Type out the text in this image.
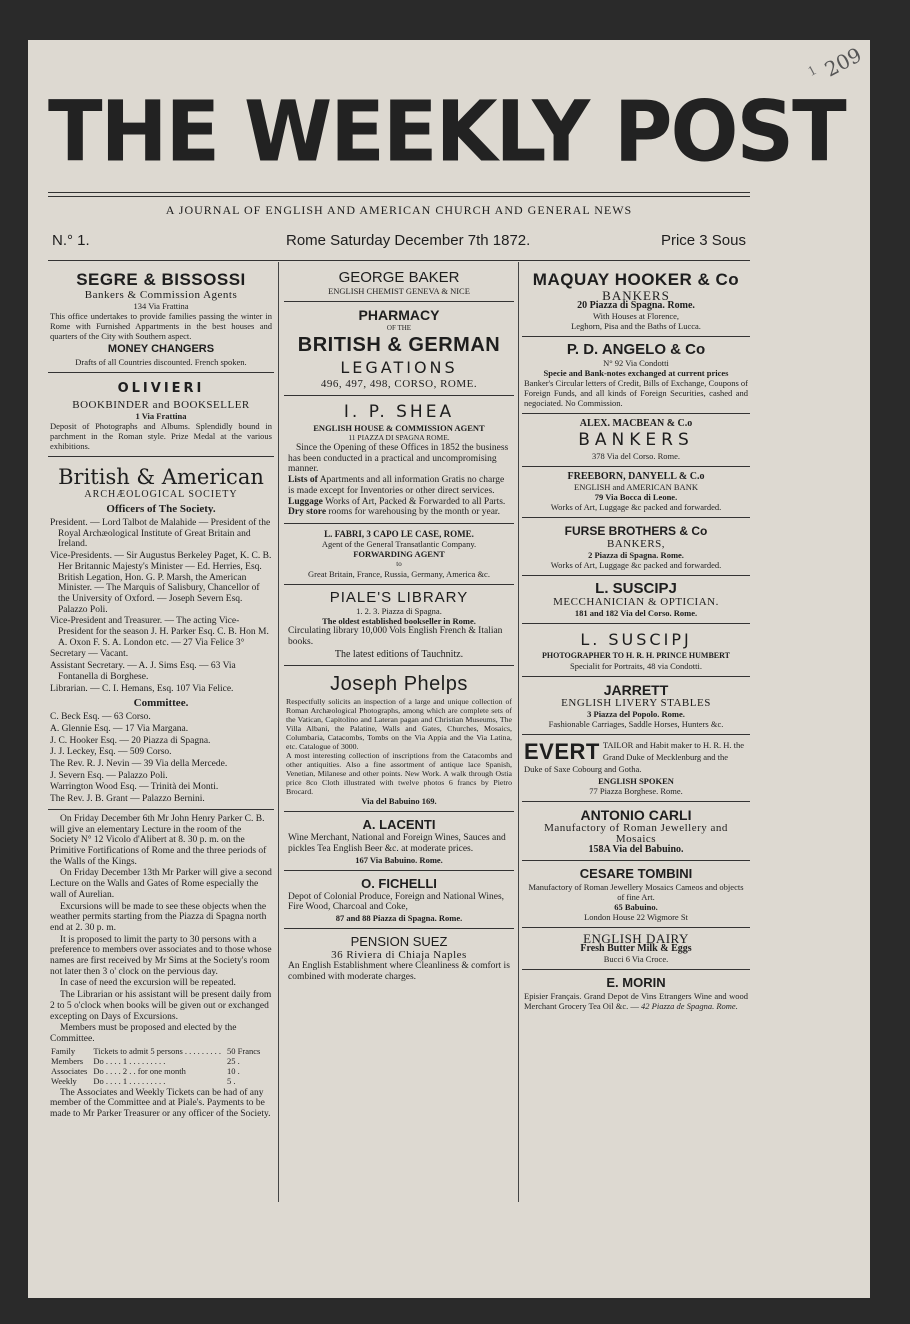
1 209
THE WEEKLY POST
A JOURNAL OF ENGLISH AND AMERICAN CHURCH AND GENERAL NEWS
N.° 1.	Rome Saturday December 7th 1872.	Price 3 Sous
SEGRE & BISSOSSI
Bankers & Commission Agents
134 Via Frattina
This office undertakes to provide families passing the winter in Rome with Furnished Appartments in the best houses and quarters of the City with Southern aspect.
MONEY CHANGERS
Drafts of all Countries discounted. French spoken.
OLIVIERI
BOOKBINDER and BOOKSELLER
1 Via Frattina
Deposit of Photographs and Albums. Splendidly bound in parchment in the Roman style. Prize Medal at the various exhibitions.
British & American
ARCHÆOLOGICAL SOCIETY
Officers of The Society.

President. — Lord Talbot de Malahide — President of the Royal Archæological Institute of Great Britain and Ireland.

Vice-Presidents. — Sir Augustus Berkeley Paget, K. C. B. Her Britannic Majesty's Minister — Ed. Herries, Esq. British Legation, Hon. G. P. Marsh, the American Minister. — The Marquis of Salisbury, Chancellor of the University of Oxford. — Joseph Severn Esq. Palazzo Poli.

Vice-President and Treasurer. — The acting Vice-President for the season J. H. Parker Esq. C. B. Hon M. A. Oxon F. S. A. London etc. — 27 Via Felice 3°

Secretary — Vacant.

Assistant Secretary. — A. J. Sims Esq. — 63 Via Fontanella di Borghese.

Librarian. — C. I. Hemans, Esq. 107 Via Felice.

Committee.

C. Beck Esq. — 63 Corso.

A. Glennie Esq. — 17 Via Margana.

J. C. Hooker Esq. — 20 Piazza di Spagna.

J. J. Leckey, Esq. — 509 Corso.

The Rev. R. J. Nevin — 39 Via della Mercede.

J. Severn Esq. — Palazzo Poli.

Warrington Wood Esq. — Trinità dei Monti.

The Rev. J. B. Grant — Palazzo Bernini.

On Friday December 6th Mr John Henry Parker C. B. will give an elementary Lecture in the room of the Society N° 12 Vicolo d'Alibert at 8. 30 p. m. on the Primitive Fortifications of Rome and the three periods of the Walls of the Kings.

On Friday December 13th Mr Parker will give a second Lecture on the Walls and Gates of Rome especially the wall of Aurelian.

Excursions will be made to see these objects when the weather permits starting from the Piazza di Spagna north end at 2. 30 p. m.

It is proposed to limit the party to 30 persons with a preference to members over associates and to those whose names are first received by Mr Sims at the Society's room not later then 3 o' clock on the pervious day.

In case of need the excursion will be repeated.

The Librarian or his assistant will be present daily from 2 to 5 o'clock when books will be given out or exchanged excepting on Days of Excursions.

Members must be proposed and elected by the Committee.

Family	Tickets to admit 5 persons . . . . . . . . .	50 Francs
Members	Do . . . . 1 . . . . . . . . .	25 .
Associates	Do . . . . 2 . . for one month	10 .
Weekly	Do . . . . 1 . . . . . . . . .	5 .
The Associates and Weekly Tickets can be had of any member of the Committee and at Piale's. Payments to be made to Mr Parker Treasurer or any officer of the Society.
GEORGE BAKER
ENGLISH CHEMIST GENEVA & NICE
PHARMACY
OF THE
BRITISH & GERMAN
LEGATIONS
496, 497, 498, CORSO, ROME.
I. P. SHEA
ENGLISH HOUSE & COMMISSION AGENT
11 PIAZZA DI SPAGNA ROME.
Since the Opening of these Offices in 1852 the business has been conducted in a practical and uncompromising manner.
Lists of Apartments and all information Gratis no charge is made except for Inventories or other direct services.
Luggage Works of Art, Packed & Forwarded to all Parts.
Dry store rooms for warehousing by the month or year.
L. FABRI, 3 CAPO LE CASE, ROME.
Agent of the General Transatlantic Company.
FORWARDING AGENT
to
Great Britain, France, Russia, Germany, America &c.
PIALE'S LIBRARY
1. 2. 3. Piazza di Spagna.
The oldest established bookseller in Rome.
Circulating library 10,000 Vols English French & Italian books.
The latest editions of Tauchnitz.
Joseph Phelps
Respectfully solicits an inspection of a large and unique collection of Roman Archæological Photographs, among which are complete sets of the Vatican, Capitolino and Lateran pagan and Christian Museums, The Villa Albani, the Palatine, Walls and Gates, Churches, Mosaics, Columbaria, Catacombs, Tombs on the Via Appia and the Via Latina, etc. Catalogue of 3000.
A most interesting collection of inscriptions from the Catacombs and other antiquities. Also a fine assortment of antique lace Spanish, Venetian, Milanese and other points. New Work. A walk through Ostia price 8co Cloth illustrated with twelve photos 6 francs by Pietro Brocard.
Via del Babuino 169.
A. LACENTI
Wine Merchant, National and Foreign Wines, Sauces and pickles Tea English Beer &c. at moderate prices.
167 Via Babuino. Rome.
O. FICHELLI
Depot of Colonial Produce, Foreign and National Wines, Fire Wood, Charcoal and Coke,
87 and 88 Piazza di Spagna. Rome.
PENSION SUEZ
36 Riviera di Chiaja Naples
An English Establishment where Cleanliness & comfort is combined with moderate charges.
MAQUAY HOOKER & Co
BANKERS
20 Piazza di Spagna. Rome.
With Houses at Florence,
Leghorn, Pisa and the Baths of Lucca.
P. D. ANGELO & Co
N° 92 Via Condotti
Specie and Bank-notes exchanged at current prices
Banker's Circular letters of Credit, Bills of Exchange, Coupons of Foreign Funds, and all kinds of Foreign Securities, cashed and negociated. No Commission.
ALEX. MACBEAN & C.o
BANKERS
378 Via del Corso. Rome.
FREEBORN, DANYELL & C.o
ENGLISH and AMERICAN BANK
79 Via Bocca di Leone.
Works of Art, Luggage &c packed and forwarded.
FURSE BROTHERS & Co
BANKERS,
2 Piazza di Spagna. Rome.
Works of Art, Luggage &c packed and forwarded.
L. SUSCIPJ
MECCHANICIAN & OPTICIAN.
181 and 182 Via del Corso. Rome.
L. SUSCIPJ
PHOTOGRAPHER TO H. R. H. PRINCE HUMBERT
Specialit for Portraits, 48 via Condotti.
JARRETT
ENGLISH LIVERY STABLES
3 Piazza del Popolo. Rome.
Fashionable Carriages, Saddle Horses, Hunters &c.
EVERT TAILOR and Habit maker to H. R. H. the Grand Duke of Mecklenburg and the Duke of Saxe Cobourg and Gotha.
ENGLISH SPOKEN
77 Piazza Borghese. Rome.
ANTONIO CARLI
Manufactory of Roman Jewellery and Mosaics
158A Via del Babuino.
CESARE TOMBINI
Manufactory of Roman Jewellery Mosaics Cameos and objects of fine Art.
65 Babuino.
London House 22 Wigmore St
ENGLISH DAIRY
Fresh Butter Milk & Eggs
Bucci 6 Via Croce.
E. MORIN
Episier Français. Grand Depot de Vins Etrangers Wine and wood Merchant Grocery Tea Oil &c. — 42 Piazza de Spagna. Rome.
